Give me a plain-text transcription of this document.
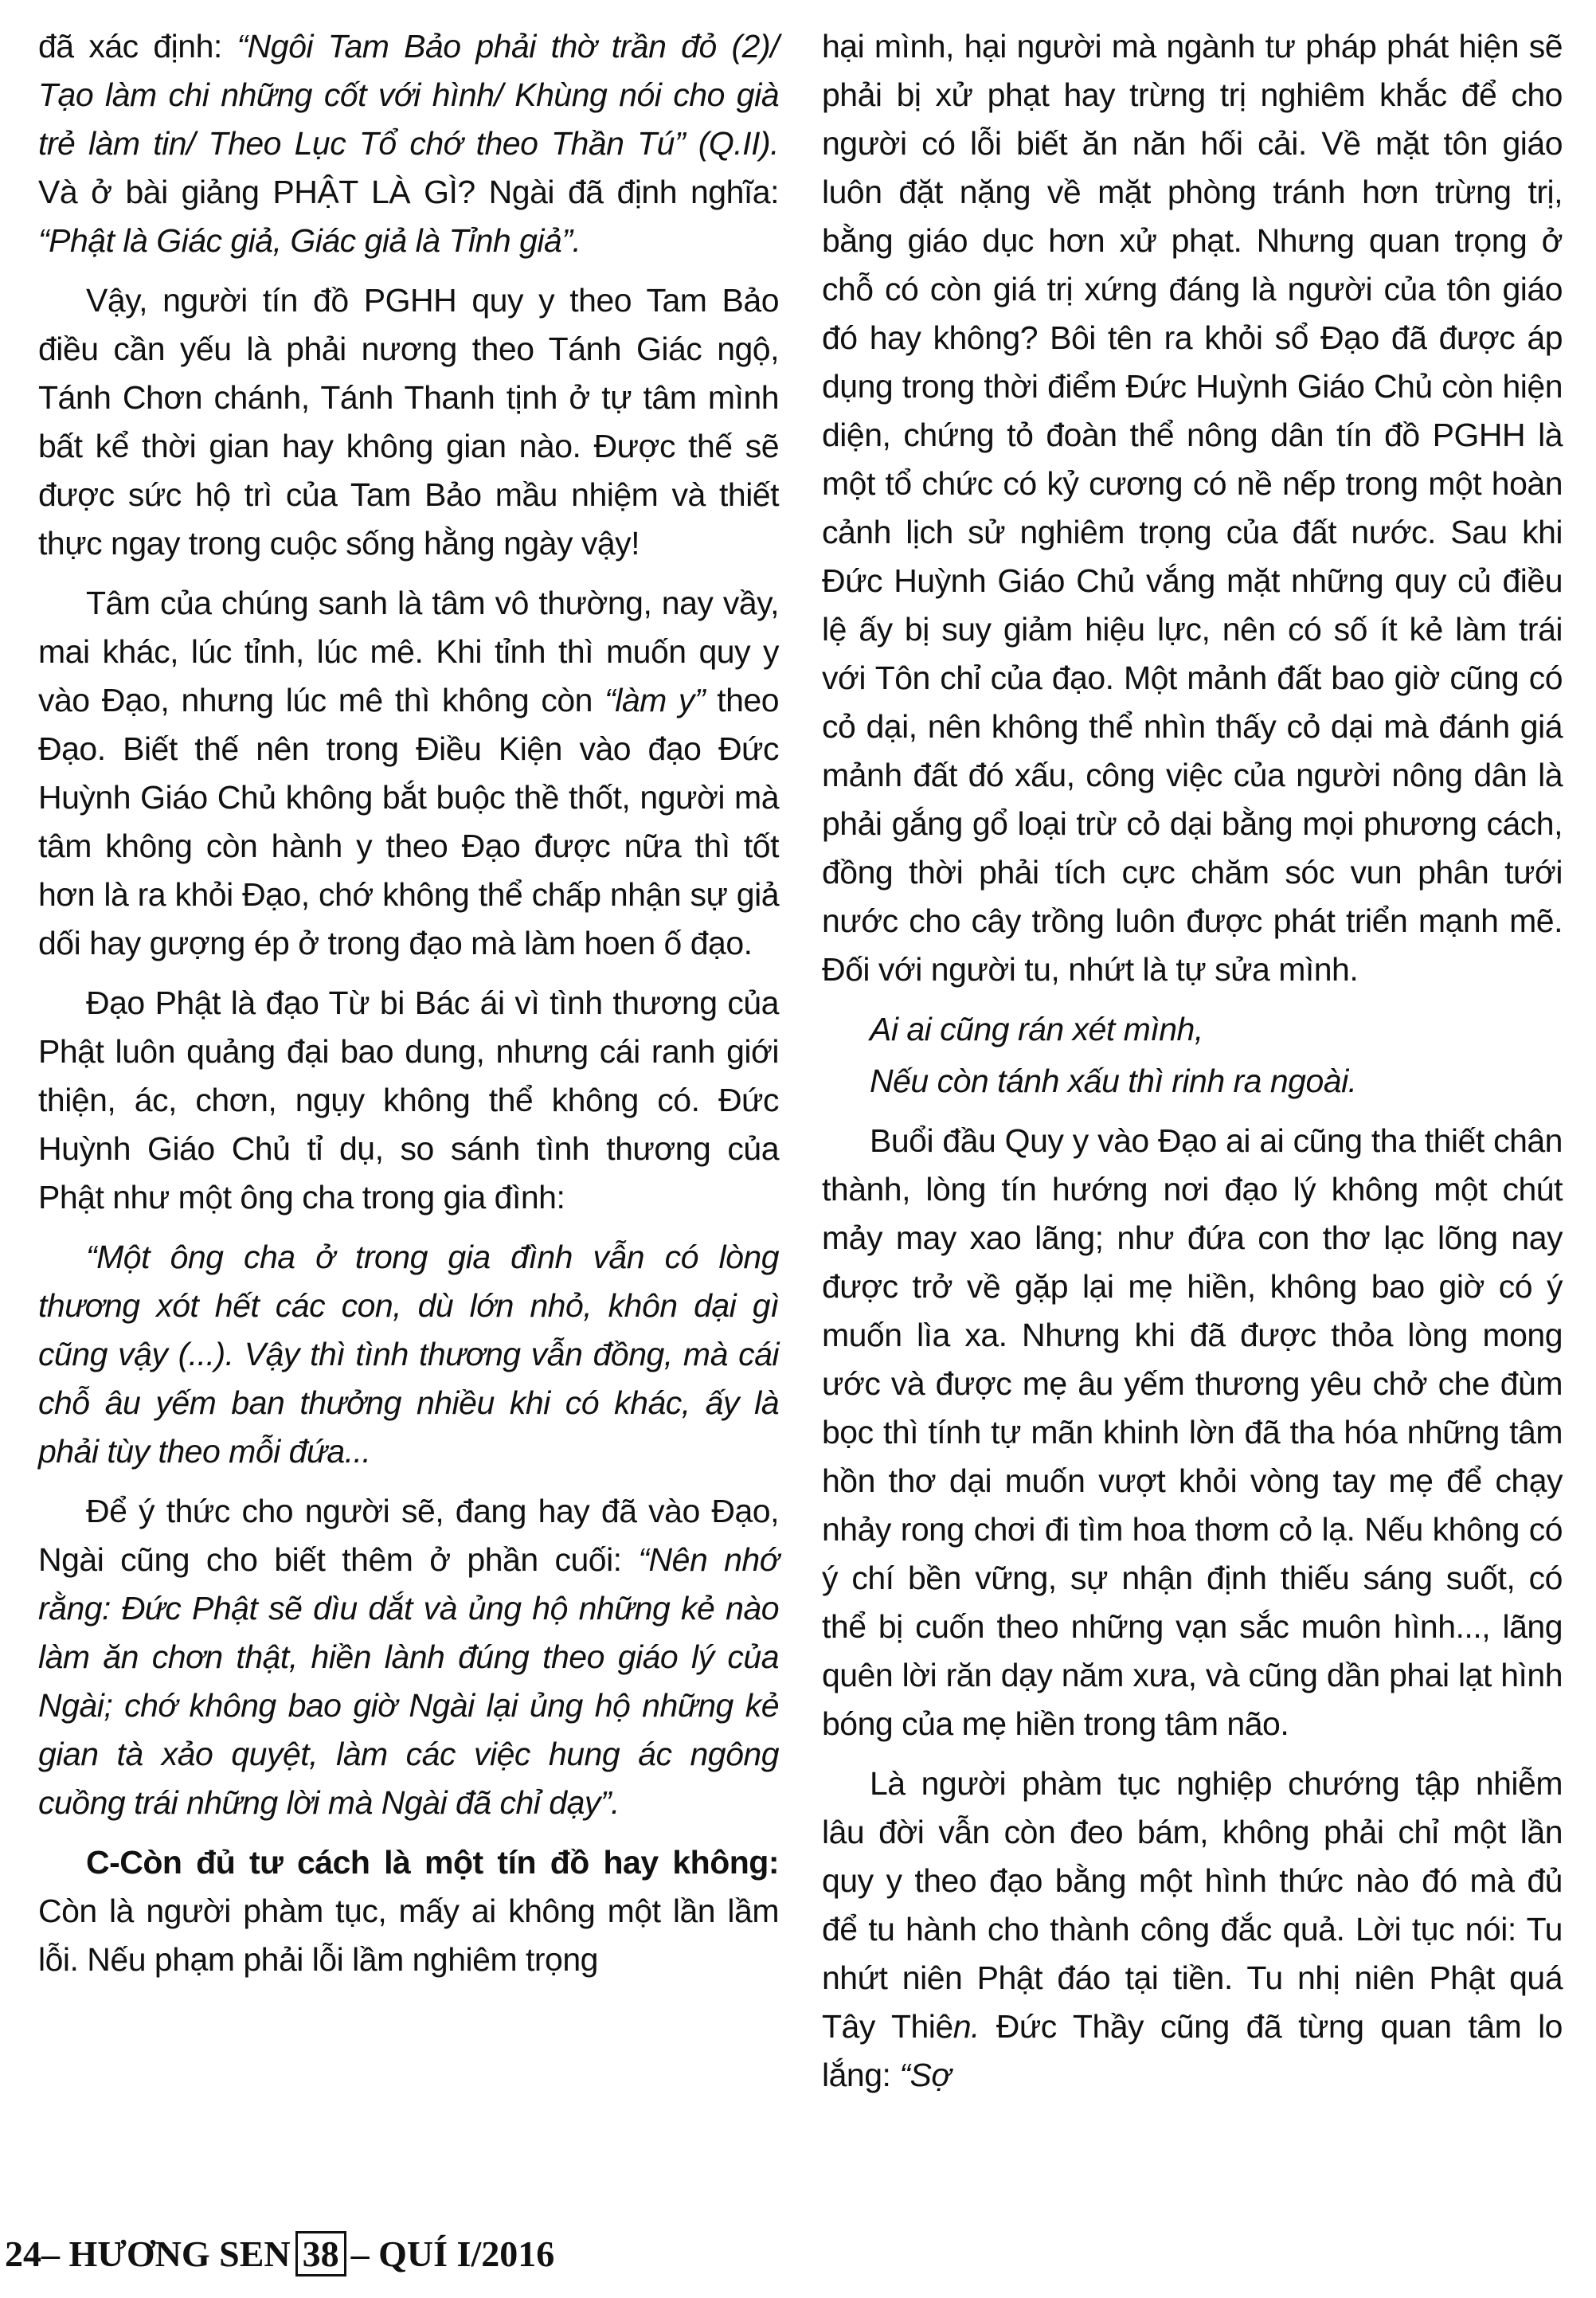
đã xác định: “Ngôi Tam Bảo phải thờ trần đỏ (2)/ Tạo làm chi những cốt với hình/ Khùng nói cho già trẻ làm tin/ Theo Lục Tổ chớ theo Thần Tú” (Q.II). Và ở bài giảng PHẬT LÀ GÌ? Ngài đã định nghĩa: “Phật là Giác giả, Giác giả là Tỉnh giả”.

Vậy, người tín đồ PGHH quy y theo Tam Bảo điều cần yếu là phải nương theo Tánh Giác ngộ, Tánh Chơn chánh, Tánh Thanh tịnh ở tự tâm mình bất kể thời gian hay không gian nào. Được thế sẽ được sức hộ trì của Tam Bảo mầu nhiệm và thiết thực ngay trong cuộc sống hằng ngày vậy!

Tâm của chúng sanh là tâm vô thường, nay vầy, mai khác, lúc tỉnh, lúc mê. Khi tỉnh thì muốn quy y vào Đạo, nhưng lúc mê thì không còn “làm y” theo Đạo. Biết thế nên trong Điều Kiện vào đạo Đức Huỳnh Giáo Chủ không bắt buộc thề thốt, người mà tâm không còn hành y theo Đạo được nữa thì tốt hơn là ra khỏi Đạo, chớ không thể chấp nhận sự giả dối hay gượng ép ở trong đạo mà làm hoen ố đạo.

Đạo Phật là đạo Từ bi Bác ái vì tình thương của Phật luôn quảng đại bao dung, nhưng cái ranh giới thiện, ác, chơn, ngụy không thể không có. Đức Huỳnh Giáo Chủ tỉ dụ, so sánh tình thương của Phật như một ông cha trong gia đình:

“Một ông cha ở trong gia đình vẫn có lòng thương xót hết các con, dù lớn nhỏ, khôn dại gì cũng vậy (...). Vậy thì tình thương vẫn đồng, mà cái chỗ âu yếm ban thưởng nhiều khi có khác, ấy là phải tùy theo mỗi đứa...

Để ý thức cho người sẽ, đang hay đã vào Đạo, Ngài cũng cho biết thêm ở phần cuối: “Nên nhớ rằng: Đức Phật sẽ dìu dắt và ủng hộ những kẻ nào làm ăn chơn thật, hiền lành đúng theo giáo lý của Ngài; chớ không bao giờ Ngài lại ủng hộ những kẻ gian tà xảo quyệt, làm các việc hung ác ngông cuồng trái những lời mà Ngài đã chỉ dạy”.

C-Còn đủ tư cách là một tín đồ hay không: Còn là người phàm tục, mấy ai không một lần lầm lỗi. Nếu phạm phải lỗi lầm nghiêm trọng

hại mình, hại người mà ngành tư pháp phát hiện sẽ phải bị xử phạt hay trừng trị nghiêm khắc để cho người có lỗi biết ăn năn hối cải. Về mặt tôn giáo luôn đặt nặng về mặt phòng tránh hơn trừng trị, bằng giáo dục hơn xử phạt. Nhưng quan trọng ở chỗ có còn giá trị xứng đáng là người của tôn giáo đó hay không? Bôi tên ra khỏi sổ Đạo đã được áp dụng trong thời điểm Đức Huỳnh Giáo Chủ còn hiện diện, chứng tỏ đoàn thể nông dân tín đồ PGHH là một tổ chức có kỷ cương có nề nếp trong một hoàn cảnh lịch sử nghiêm trọng của đất nước. Sau khi Đức Huỳnh Giáo Chủ vắng mặt những quy củ điều lệ ấy bị suy giảm hiệu lực, nên có số ít kẻ làm trái với Tôn chỉ của đạo. Một mảnh đất bao giờ cũng có cỏ dại, nên không thể nhìn thấy cỏ dại mà đánh giá mảnh đất đó xấu, công việc của người nông dân là phải gắng gổ loại trừ cỏ dại bằng mọi phương cách, đồng thời phải tích cực chăm sóc vun phân tưới nước cho cây trồng luôn được phát triển mạnh mẽ. Đối với người tu, nhứt là tự sửa mình.

Ai ai cũng rán xét mình,

Nếu còn tánh xấu thì rinh ra ngoài.

Buổi đầu Quy y vào Đạo ai ai cũng tha thiết chân thành, lòng tín hướng nơi đạo lý không một chút mảy may xao lãng; như đứa con thơ lạc lõng nay được trở về gặp lại mẹ hiền, không bao giờ có ý muốn lìa xa. Nhưng khi đã được thỏa lòng mong ước và được mẹ âu yếm thương yêu chở che đùm bọc thì tính tự mãn khinh lờn đã tha hóa những tâm hồn thơ dại muốn vượt khỏi vòng tay mẹ để chạy nhảy rong chơi đi tìm hoa thơm cỏ lạ. Nếu không có ý chí bền vững, sự nhận định thiếu sáng suốt, có thể bị cuốn theo những vạn sắc muôn hình..., lãng quên lời răn dạy năm xưa, và cũng dần phai lạt hình bóng của mẹ hiền trong tâm não.

Là người phàm tục nghiệp chướng tập nhiễm lâu đời vẫn còn đeo bám, không phải chỉ một lần quy y theo đạo bằng một hình thức nào đó mà đủ để tu hành cho thành công đắc quả. Lời tục nói: Tu nhứt niên Phật đáo tại tiền. Tu nhị niên Phật quá Tây Thiên. Đức Thầy cũng đã từng quan tâm lo lắng: “Sợ

24– HƯƠNG SEN 38 – QUÍ I/2016
